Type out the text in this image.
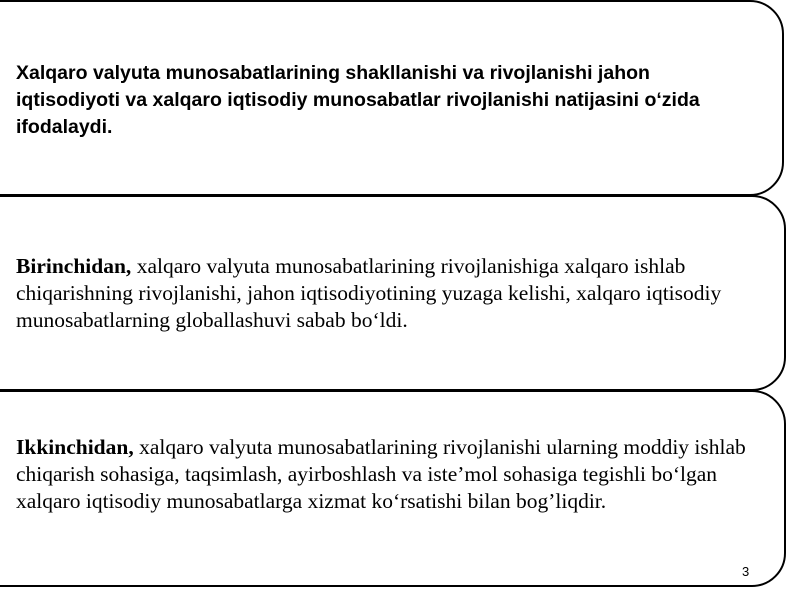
Xalqaro valyuta munosabatlarining shakllanishi va rivojlanishi jahon iqtisodiyoti va xalqaro iqtisodiy munosabatlar rivojlanishi natijasini o‘zida ifodalaydi.

Birinchidan, xalqaro valyuta munosabatlarining rivojlanishiga xalqaro ishlab chiqarishning rivojlanishi, jahon iqtisodiyotining yuzaga kelishi, xalqaro iqtisodiy munosabatlarning globallashuvi sabab bo‘ldi.

Ikkinchidan, xalqaro valyuta munosabatlarining rivojlanishi ularning moddiy ishlab chiqarish sohasiga, taqsimlash, ayirboshlash va iste’mol sohasiga tegishli bo‘lgan xalqaro iqtisodiy munosabatlarga xizmat ko‘rsatishi bilan bog’liqdir.

3
